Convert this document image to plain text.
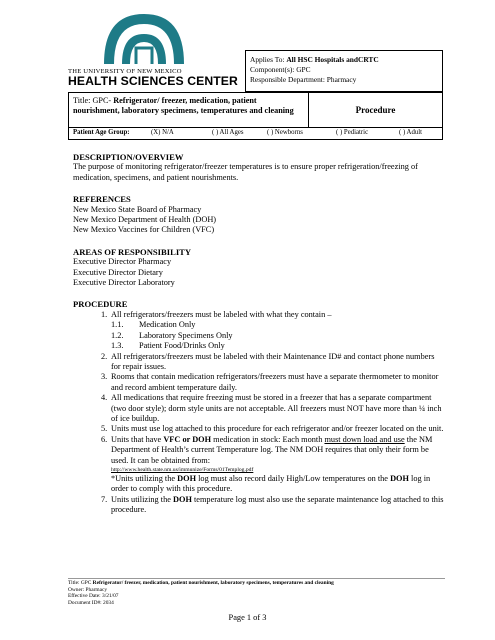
THE UNIVERSITY OF NEW MEXICO
HEALTH SCIENCES CENTER
Applies To: All HSC Hospitals andCRTC
Component(s): GPC
Responsible Department: Pharmacy
Title: GPC- Refrigerator/ freezer, medication, patient nourishment, laboratory specimens, temperatures and cleaning	Procedure
Patient Age Group:	(X) N/A	( ) All Ages	( ) Newborns	( ) Pediatric	( ) Adult
DESCRIPTION/OVERVIEW

The purpose of monitoring refrigerator/freezer temperatures is to ensure proper refrigeration/freezing of medication, specimens, and patient nourishments.

REFERENCES

New Mexico State Board of Pharmacy

New Mexico Department of Health (DOH)

New Mexico Vaccines for Children (VFC)

AREAS OF RESPONSIBILITY

Executive Director Pharmacy

Executive Director Dietary

Executive Director Laboratory

PROCEDURE
1. All refrigerators/freezers must be labeled with what they contain –
1.1. Medication Only
1.2. Laboratory Specimens Only
1.3. Patient Food/Drinks Only
2. All refrigerators/freezers must be labeled with their Maintenance ID# and contact phone numbers for repair issues.
3. Rooms that contain medication refrigerators/freezers must have a separate thermometer to monitor and record ambient temperature daily.
4. All medications that require freezing must be stored in a freezer that has a separate compartment (two door style); dorm style units are not acceptable. All freezers must NOT have more than ¼ inch of ice buildup.
5. Units must use log attached to this procedure for each refrigerator and/or freezer located on the unit.
6. Units that have VFC or DOH medication in stock: Each month must down load and use the NM Department of Health’s current Temperature log. The NM DOH requires that only their form be used. It can be obtained from:
http://www.health.state.nm.us/immunize/Forms/01Templog.pdf
*Units utilizing the DOH log must also record daily High/Low temperatures on the DOH log in order to comply with this procedure.
7. Units utilizing the DOH temperature log must also use the separate maintenance log attached to this procedure.
Title: GPC Refrigerator/ freezer, medication, patient nourishment, laboratory specimens, temperatures and cleaning
Owner: Pharmacy
Effective Date: 3/21/07
Document ID#: 2034
Page 1 of 3
